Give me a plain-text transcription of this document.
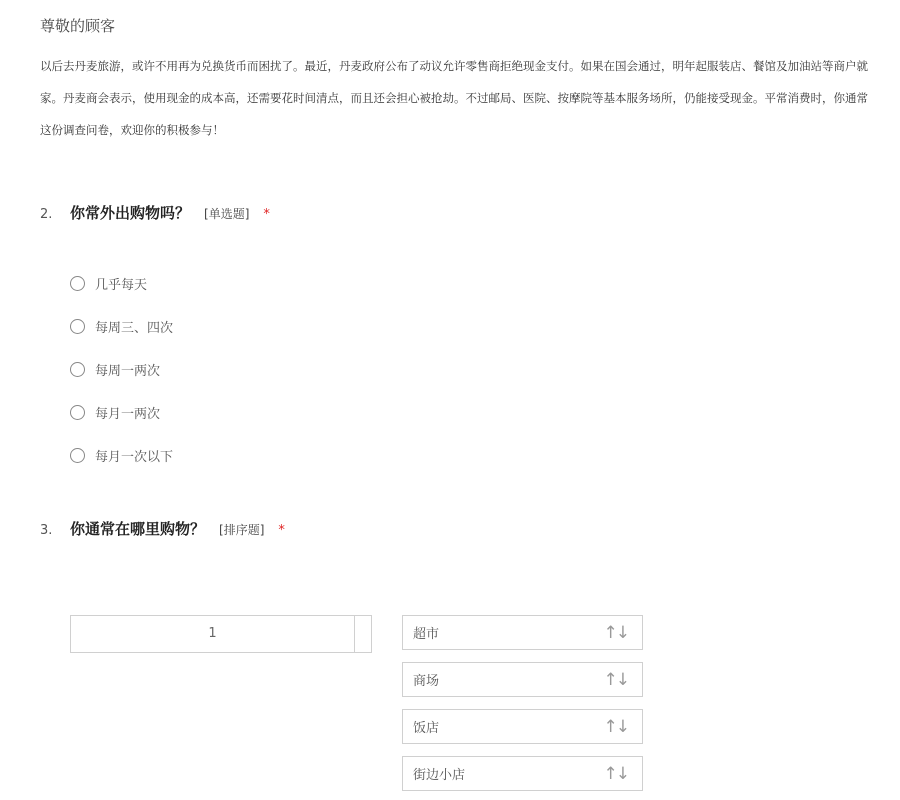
尊敬的顾客
以后去丹麦旅游，或许不用再为兑换货币而困扰了。最近，丹麦政府公布了动议允许零售商拒绝现金支付。如果在国会通过，明年起服装店、餐馆及加油站等商户就
家。丹麦商会表示，使用现金的成本高，还需要花时间清点，而且还会担心被抢劫。不过邮局、医院、按摩院等基本服务场所，仍能接受现金。平常消费时，你通常
这份调查问卷，欢迎你的积极参与！
2.	你常外出购物吗？ [单选题] *
几乎每天
每周三、四次
每周一两次
每月一两次
每月一次以下
3.	你通常在哪里购物？ [排序题] *
1	超市	↑↓
商场	↑↓
饭店	↑↓
街边小店	↑↓
